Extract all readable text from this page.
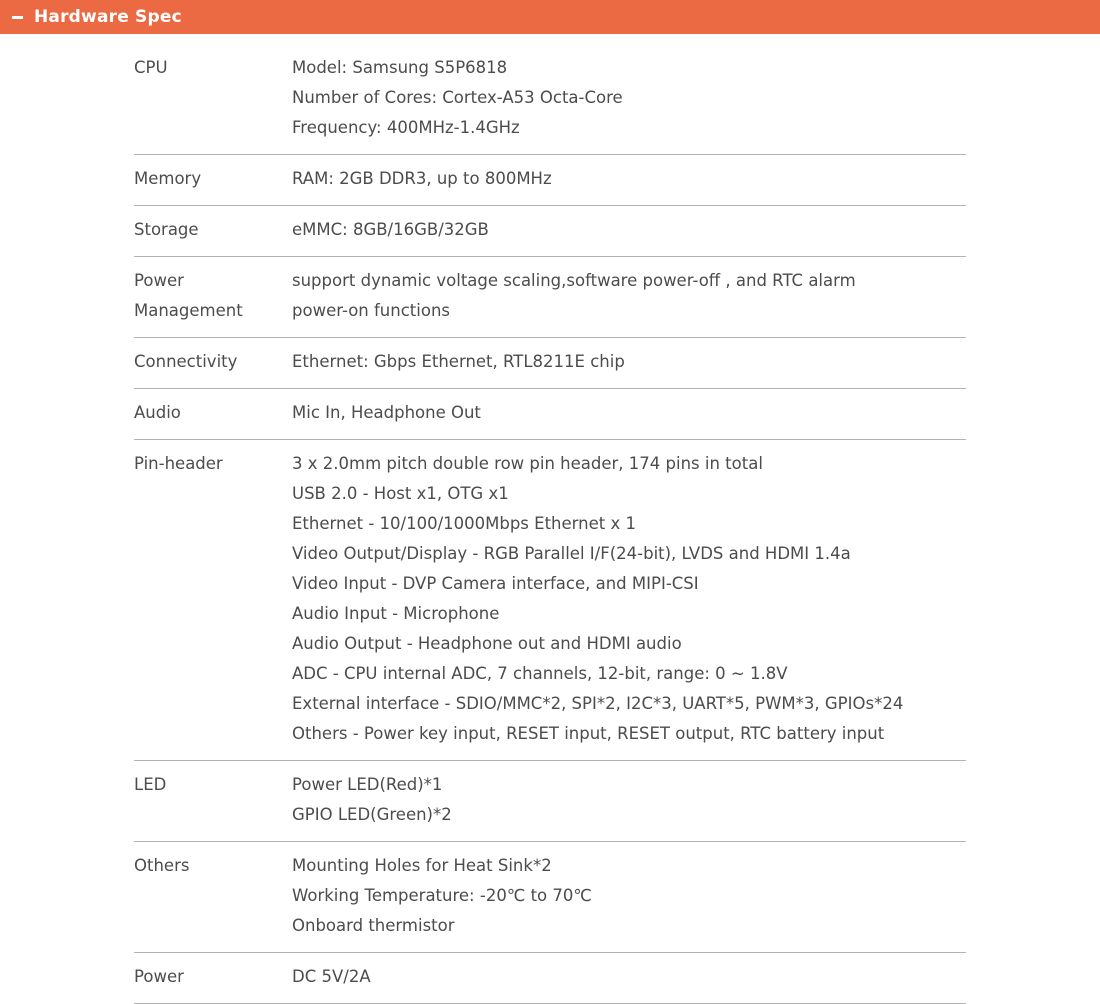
Hardware Spec
CPU	Model: Samsung S5P6818
Number of Cores: Cortex-A53 Octa-Core
Frequency: 400MHz-1.4GHz

Memory	RAM: 2GB DDR3, up to 800MHz

Storage	eMMC: 8GB/16GB/32GB

Power Management	support dynamic voltage scaling,software power-off , and RTC alarm
power-on functions

Connectivity	Ethernet: Gbps Ethernet, RTL8211E chip

Audio	Mic In, Headphone Out

Pin-header	3 x 2.0mm pitch double row pin header, 174 pins in total
USB 2.0 - Host x1, OTG x1
Ethernet - 10/100/1000Mbps Ethernet x 1
Video Output/Display - RGB Parallel I/F(24-bit), LVDS and HDMI 1.4a
Video Input - DVP Camera interface, and MIPI-CSI
Audio Input - Microphone
Audio Output - Headphone out and HDMI audio
ADC - CPU internal ADC, 7 channels, 12-bit, range: 0 ~ 1.8V
External interface - SDIO/MMC*2, SPI*2, I2C*3, UART*5, PWM*3, GPIOs*24
Others - Power key input, RESET input, RESET output, RTC battery input

LED	Power LED(Red)*1
GPIO LED(Green)*2

Others	Mounting Holes for Heat Sink*2
Working Temperature: -20℃ to 70℃
Onboard thermistor

Power	DC 5V/2A
